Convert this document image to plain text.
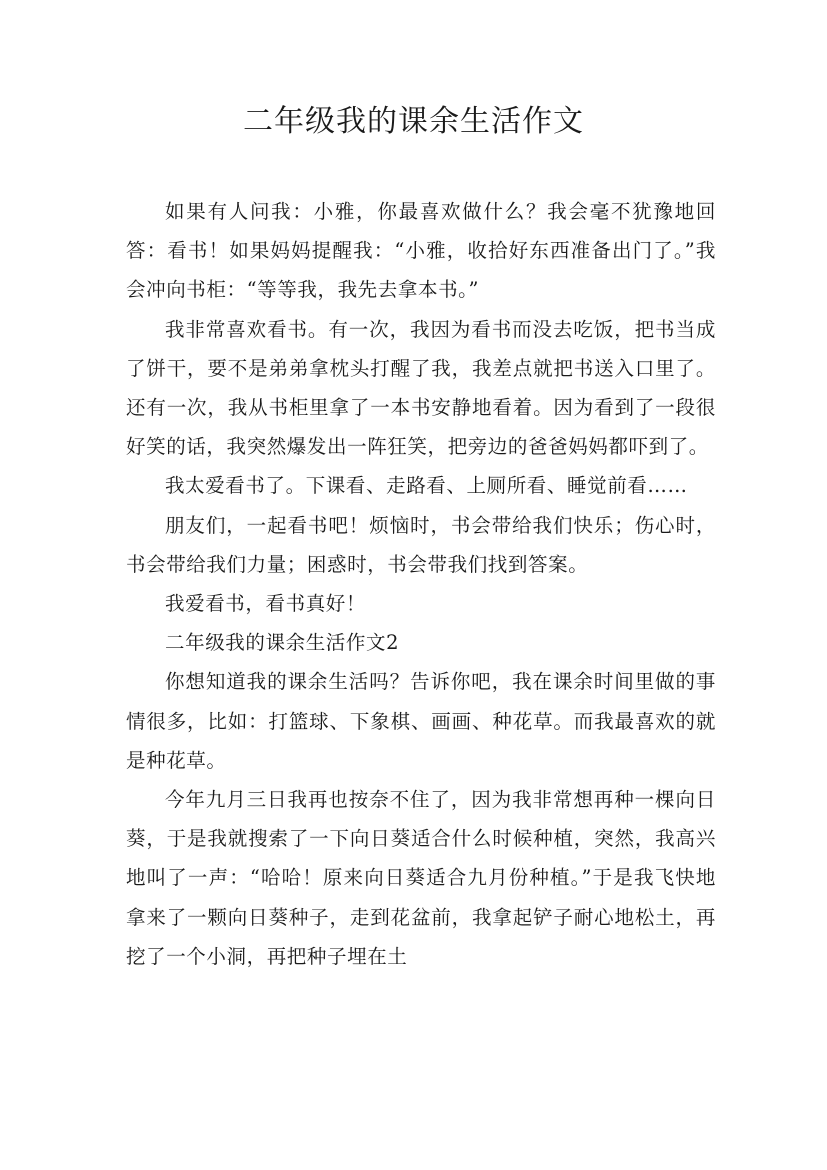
二年级我的课余生活作文

如果有人问我：小雅，你最喜欢做什么？我会毫不犹豫地回答：看书！如果妈妈提醒我：“小雅，收拾好东西准备出门了。”我会冲向书柜：“等等我，我先去拿本书。”

我非常喜欢看书。有一次，我因为看书而没去吃饭，把书当成了饼干，要不是弟弟拿枕头打醒了我，我差点就把书送入口里了。还有一次，我从书柜里拿了一本书安静地看着。因为看到了一段很好笑的话，我突然爆发出一阵狂笑，把旁边的爸爸妈妈都吓到了。

我太爱看书了。下课看、走路看、上厕所看、睡觉前看……

朋友们，一起看书吧！烦恼时，书会带给我们快乐；伤心时，书会带给我们力量；困惑时，书会带我们找到答案。

我爱看书，看书真好！

二年级我的课余生活作文2

你想知道我的课余生活吗？告诉你吧，我在课余时间里做的事情很多，比如：打篮球、下象棋、画画、种花草。而我最喜欢的就是种花草。

今年九月三日我再也按奈不住了，因为我非常想再种一棵向日葵，于是我就搜索了一下向日葵适合什么时候种植，突然，我高兴地叫了一声：“哈哈！原来向日葵适合九月份种植。”于是我飞快地拿来了一颗向日葵种子，走到花盆前，我拿起铲子耐心地松土，再挖了一个小洞，再把种子埋在土
